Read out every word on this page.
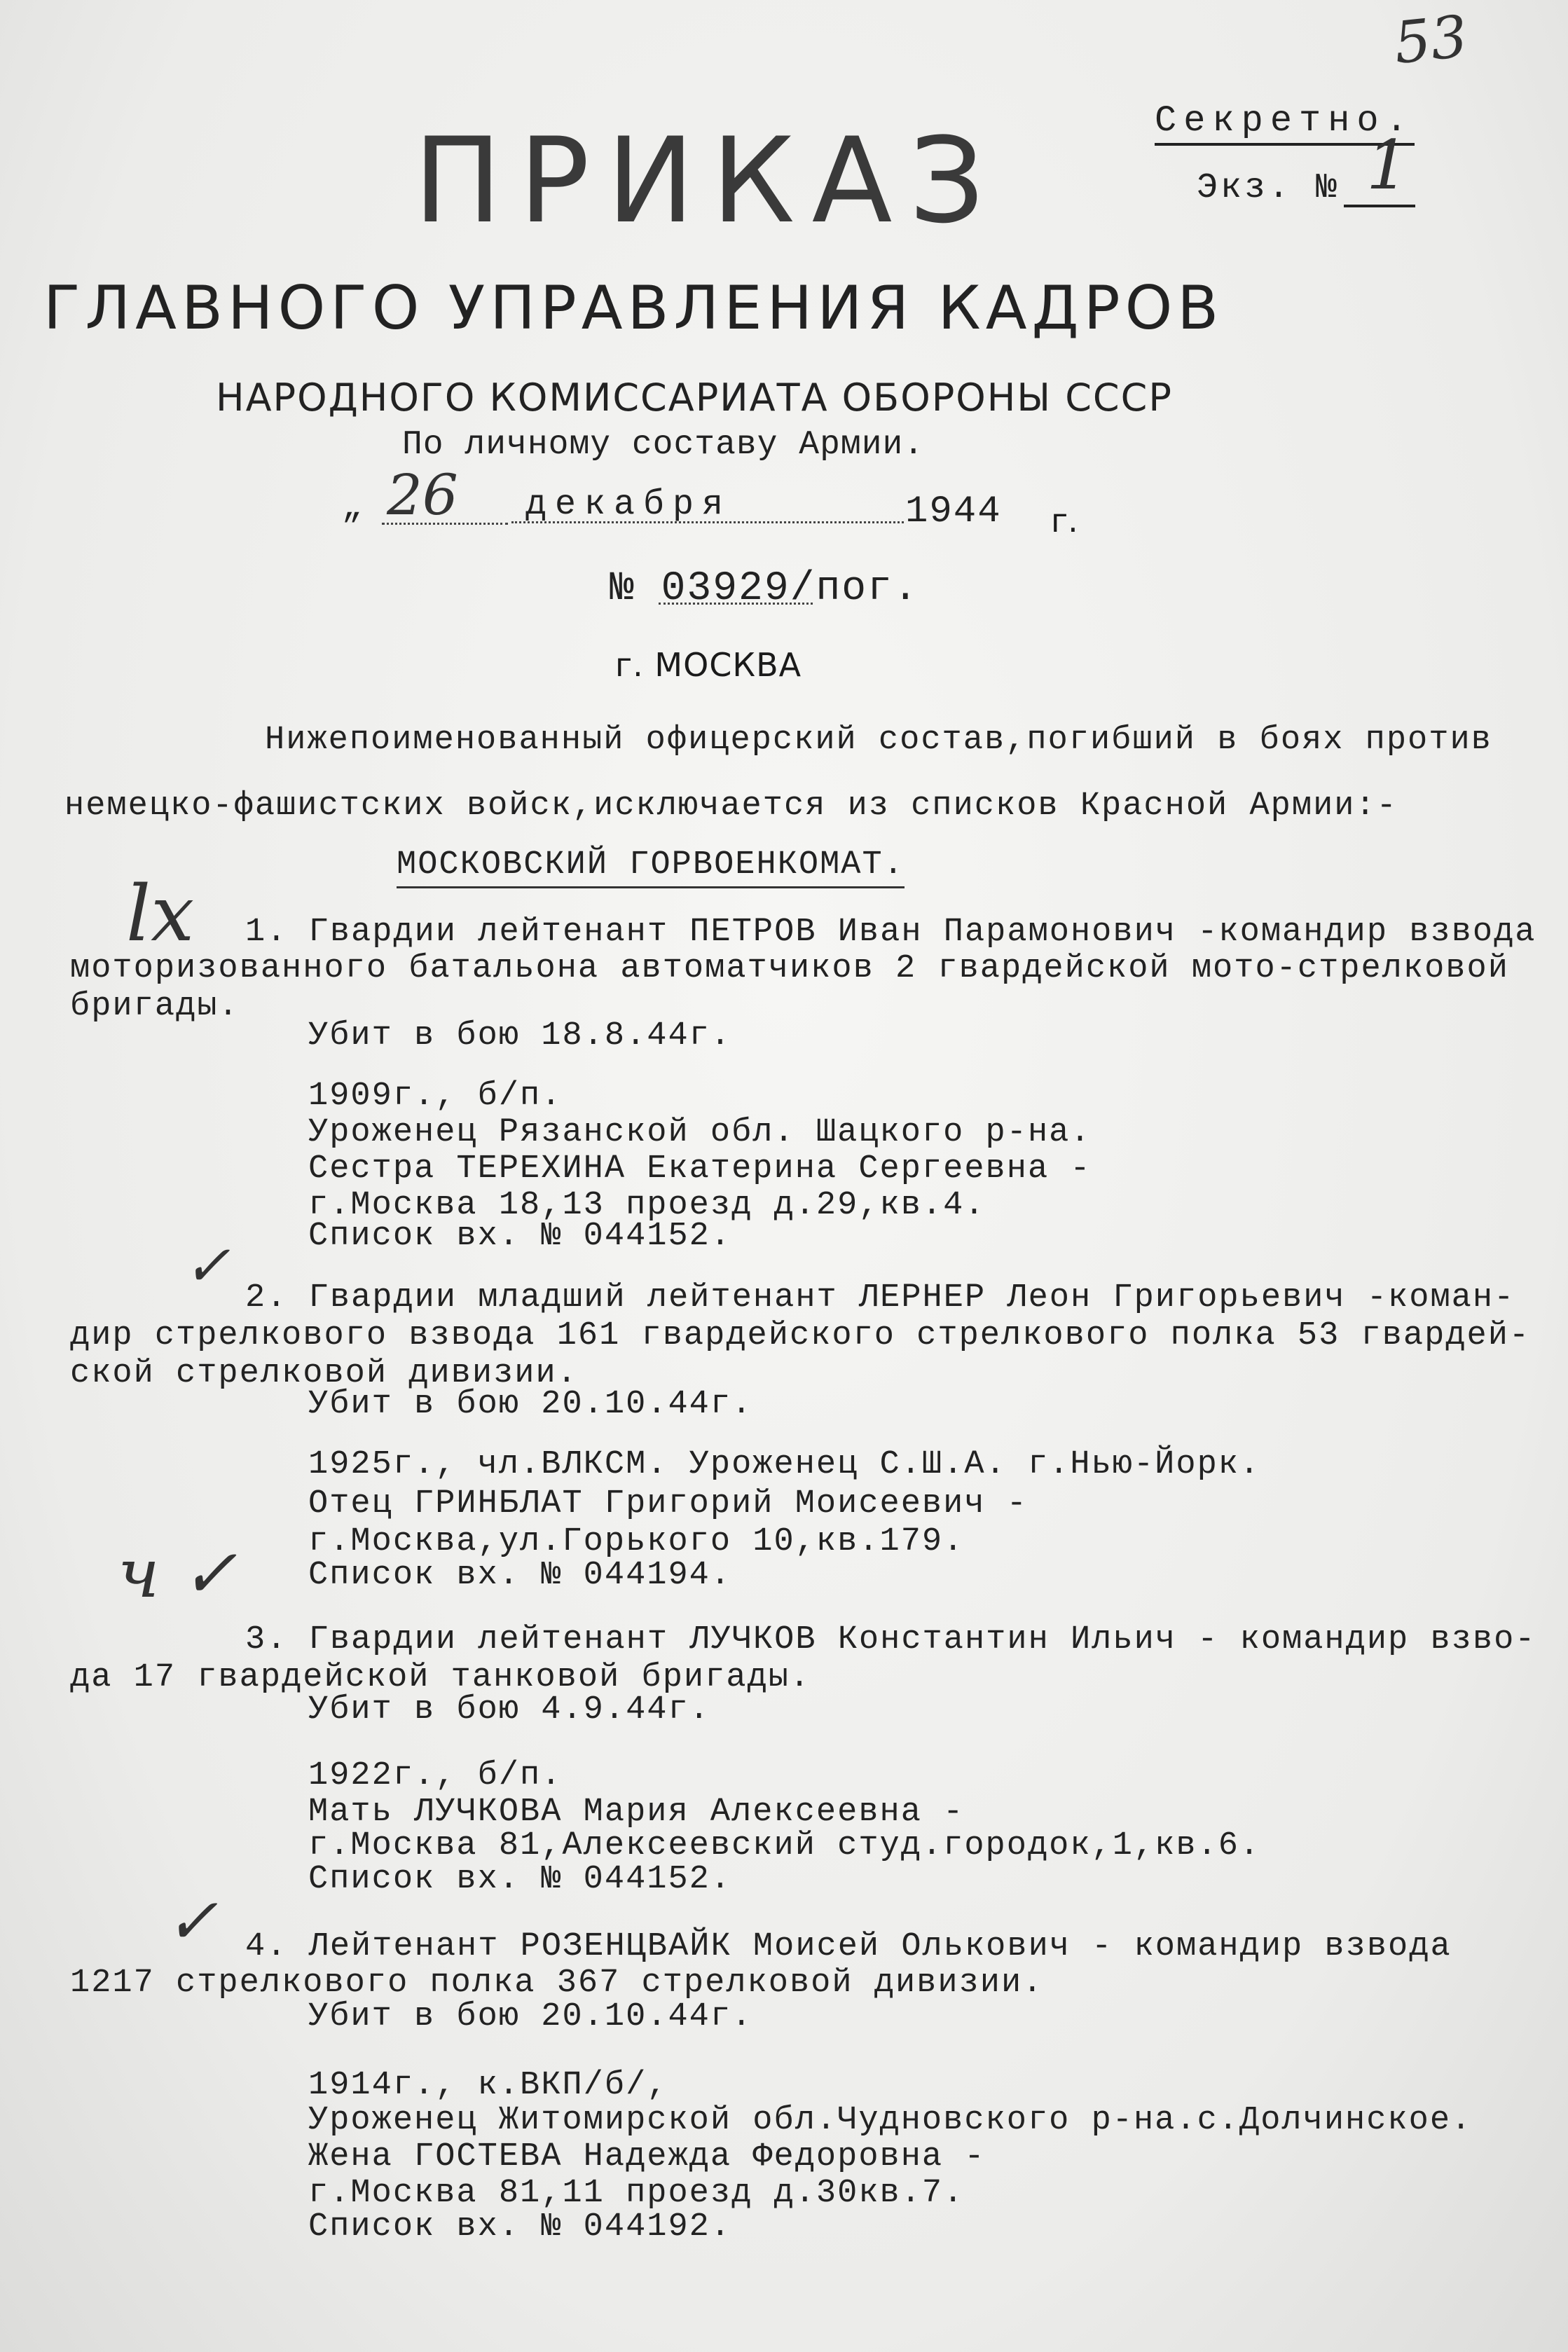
53
Секретно.
Экз. № 1
ПРИКАЗ
ГЛАВНОГО УПРАВЛЕНИЯ КАДРОВ
НАРОДНОГО КОМИССАРИАТА ОБОРОНЫ СССР
По личному составу Армии.
„ 26 декабря	1944 г.
№ 03929/пог.
г. МОСКВА
Нижепоименованный офицерский состав,погибший в боях против
немецко-фашистских войск,исключается из списков Красной Армии:-
МОСКОВСКИЙ ГОРВОЕНКОМАТ.
lx 1. Гвардии лейтенант ПЕТРОВ Иван Парамонович -командир взвода
моторизованного батальона автоматчиков 2 гвардейской мото-стрелковой
бригады.
Убит в бою 18.8.44г.
1909г., б/п.
Уроженец Рязанской обл. Шацкого р-на.
Сестра ТЕРЕХИНА Екатерина Сергеевна -
г.Москва 18,13 проезд д.29,кв.4.
Список вх. № 044152.
✓ 2. Гвардии младший лейтенант ЛЕРНЕР Леон Григорьевич -коман-
дир стрелкового взвода 161 гвардейского стрелкового полка 53 гвардей-
ской стрелковой дивизии.
Убит в бою 20.10.44г.
1925г., чл.ВЛКСМ. Уроженец С.Ш.А. г.Нью-Йорк.
Отец ГРИНБЛАТ Григорий Моисеевич -
г.Москва,ул.Горького 10,кв.179.
Список вх. № 044194.
ч ✓
3. Гвардии лейтенант ЛУЧКОВ Константин Ильич - командир взво-
да 17 гвардейской танковой бригады.
Убит в бою 4.9.44г.
1922г., б/п.
Мать ЛУЧКОВА Мария Алексеевна -
г.Москва 81,Алексеевский студ.городок,1,кв.6.
Список вх. № 044152.
✓ 4. Лейтенант РОЗЕНЦВАЙК Моисей Олькович - командир взвода
1217 стрелкового полка 367 стрелковой дивизии.
Убит в бою 20.10.44г.
1914г., к.ВКП/б/,
Уроженец Житомирской обл.Чудновского р-на.с.Долчинское.
Жена ГОСТЕВА Надежда Федоровна -
г.Москва 81,11 проезд д.30кв.7.
Список вх. № 044192.
